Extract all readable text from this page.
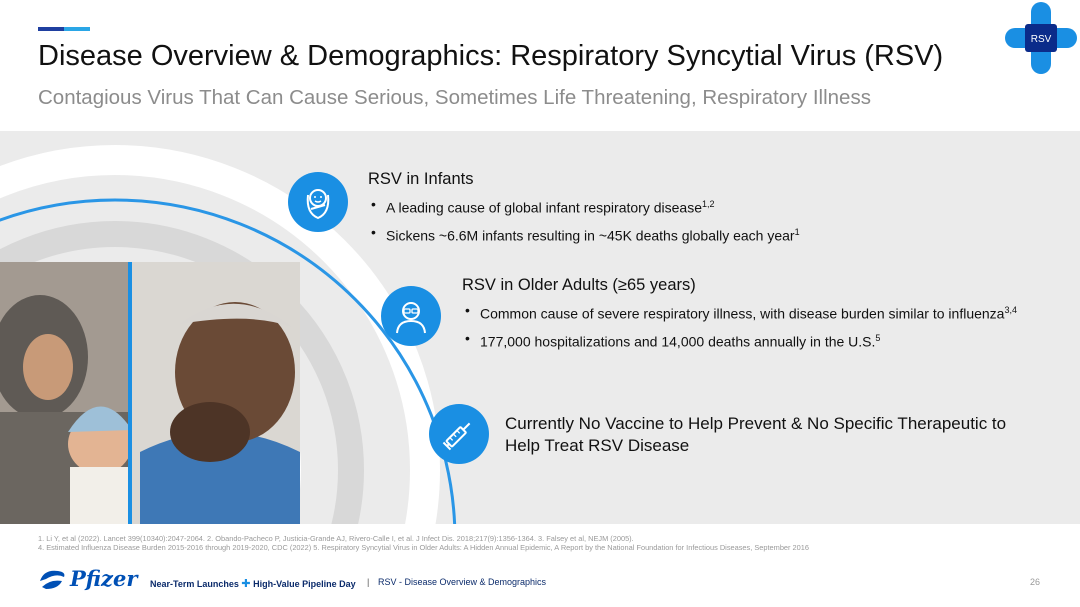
Disease Overview & Demographics: Respiratory Syncytial Virus (RSV)
Contagious Virus That Can Cause Serious, Sometimes Life Threatening, Respiratory Illness
RSV
RSV in Infants
• A leading cause of global infant respiratory disease$^{1,2}$
• Sickens ~6.6M infants resulting in ~45K deaths globally each year$^1$
RSV in Older Adults (≥65 years)
• Common cause of severe respiratory illness, with disease burden similar to influenza$^{3,4}$
• 177,000 hospitalizations and 14,000 deaths annually in the U.S.$^5$
Currently No Vaccine to Help Prevent & No Specific Therapeutic to Help Treat RSV Disease
1. Li Y, et al (2022). Lancet 399(10340):2047-2064. 2. Obando-Pacheco P, Justicia-Grande AJ, Rivero-Calle I, et al. J Infect Dis. 2018;217(9):1356-1364. 3. Falsey et al, NEJM (2005).
4. Estimated Influenza Disease Burden 2015-2016 through 2019-2020, CDC (2022) 5. Respiratory Syncytial Virus in Older Adults: A Hidden Annual Epidemic, A Report by the National Foundation for Infectious Diseases, September 2016
Pfizer Near-Term Launches ✚ High-Value Pipeline Day | RSV - Disease Overview & Demographics	26
